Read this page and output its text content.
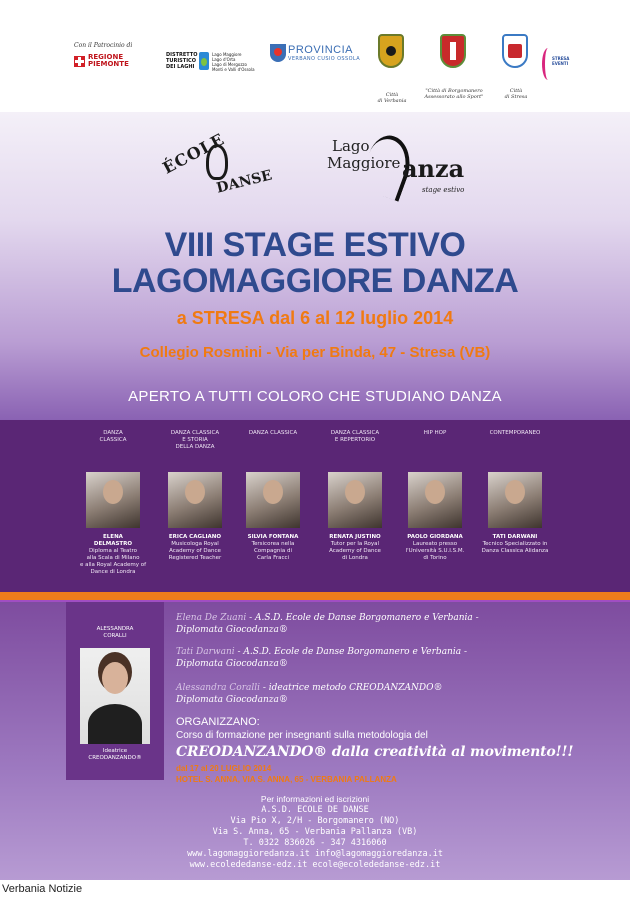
Con il Patrocinio di
REGIONE
PIEMONTE
DISTRETTO
TURISTICO
DEI LAGHI
Lago Maggiore
Lago d'Orta
Lago di Mergozzo
Monti e Valli d'Ossola
PROVINCIA
VERBANO CUSIO OSSOLA
Città
di Verbania
"Città di Borgomanero
Assessorato allo Sport"
Città
di Stresa
STRESA
EVENTI
ÉCOLE
DANSE
Lago
Maggiore anza
stage estivo
VIII STAGE ESTIVO
LAGOMAGGIORE DANZA
a STRESA dal 6 al 12 luglio 2014
Collegio Rosmini - Via per Binda, 47 - Stresa (VB)
APERTO A TUTTI COLORO CHE STUDIANO DANZA
DANZA
CLASSICA
ELENA
DELMASTRO
Diploma al Teatro
alla Scala di Milano
e alla Royal Academy of
Dance di Londra
DANZA CLASSICA
E STORIA
DELLA DANZA
ERICA CAGLIANO
Musicologa Royal
Academy of Dance
Registered Teacher
DANZA CLASSICA
SILVIA FONTANA
Tersicorea nella
Compagnia di
Carla Fracci
DANZA CLASSICA
E REPERTORIO
RENATA JUSTINO
Tutor per la Royal
Academy of Dance
di Londra
HIP HOP
PAOLO GIORDANA
Laureato presso
l'Università S.U.I.S.M.
di Torino
CONTEMPORANEO
TATI DARWANI
Tecnico Specializzato in
Danza Classica Alidanza
ALESSANDRA
CORALLI
Ideatrice
CREODANZANDO®
Elena De Zuani - A.S.D. Ecole de Danse Borgomanero e Verbania -
Diplomata Giocodanza®
Tati Darwani - A.S.D. Ecole de Danse Borgomanero e Verbania -
Diplomata Giocodanza®
Alessandra Coralli - ideatrice metodo CREODANZANDO®
Diplomata Giocodanza®
ORGANIZZANO:
Corso di formazione per insegnanti sulla metodologia del
CREODANZANDO® dalla creatività al movimento!!!
dal 17 al 20 LUGLIO 2014
HOTEL S. ANNA, VIA S. ANNA, 65 - VERBANIA PALLANZA
Per informazioni ed iscrizioni
A.S.D. ECOLE DE DANSE
Via Pio X, 2/H - Borgomanero (NO)
Via S. Anna, 65 - Verbania Pallanza (VB)
T. 0322 836026 - 347 4316060
www.lagomaggioredanza.it info@lagomaggioredanza.it
www.ecolededanse-edz.it ecole@ecolededanse-edz.it
Verbania Notizie
